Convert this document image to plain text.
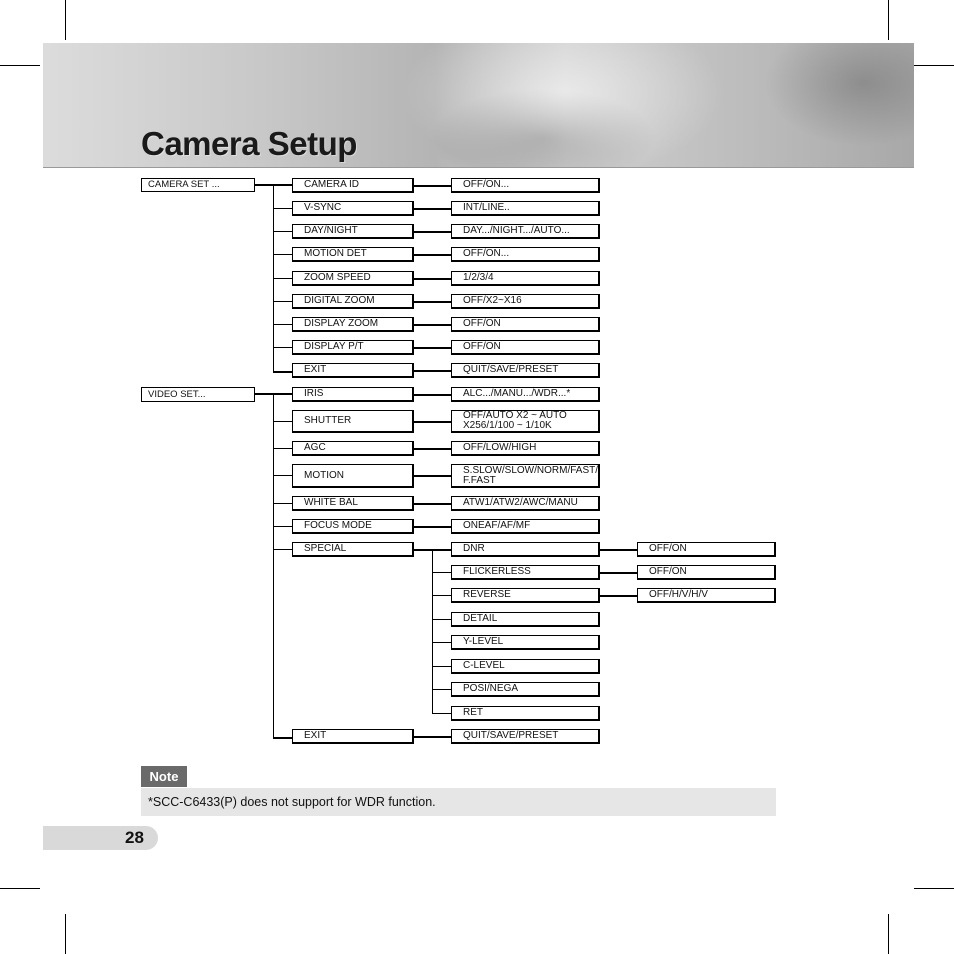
Camera Setup
CAMERA SET ...	CAMERA ID	OFF/ON...
V-SYNC	INT/LINE..
DAY/NIGHT	DAY.../NIGHT.../AUTO...
MOTION DET	OFF/ON...
ZOOM SPEED	1/2/3/4
DIGITAL ZOOM	OFF/X2~X16
DISPLAY ZOOM	OFF/ON
DISPLAY P/T	OFF/ON
EXIT	QUIT/SAVE/PRESET
VIDEO SET...	IRIS	ALC.../MANU.../WDR...*
SHUTTER	OFF/AUTO X2 ~ AUTO X256/1/100 ~ 1/10K
AGC	OFF/LOW/HIGH
MOTION	S.SLOW/SLOW/NORM/FAST/ F.FAST
WHITE BAL	ATW1/ATW2/AWC/MANU
FOCUS MODE	ONEAF/AF/MF
SPECIAL	DNR	OFF/ON
FLICKERLESS	OFF/ON
REVERSE	OFF/H/V/H/V
DETAIL
Y-LEVEL
C-LEVEL
POSI/NEGA
RET
EXIT	QUIT/SAVE/PRESET
Note
*SCC-C6433(P) does not support for WDR function.
28
